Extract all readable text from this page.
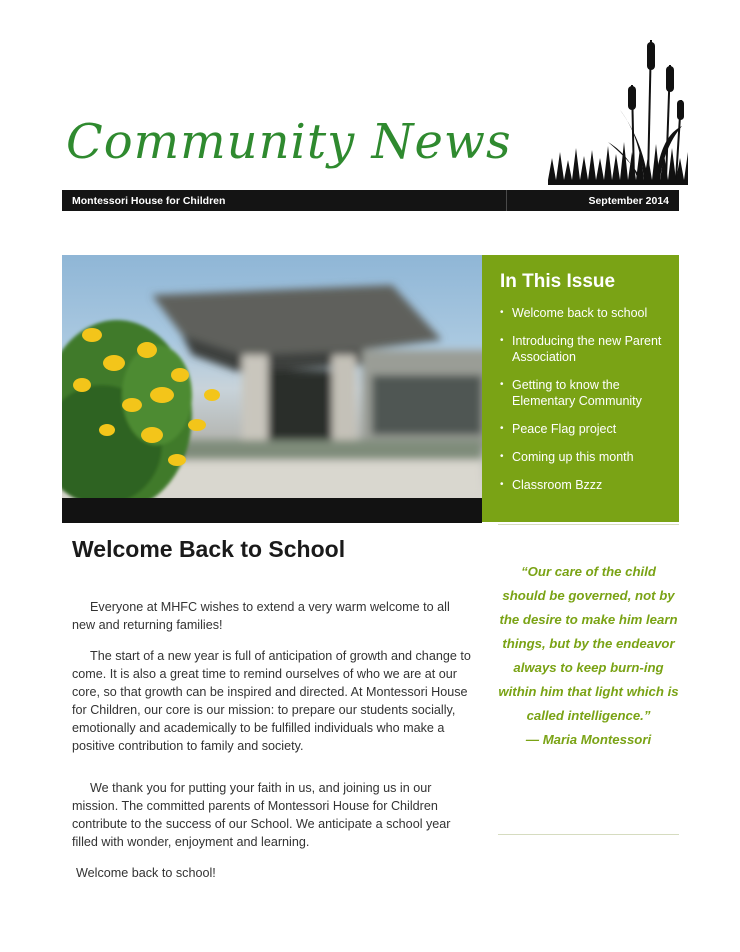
Community News
Montessori House for Children	September 2014
In This Issue
• Welcome back to school
• Introducing the new Parent Association
• Getting to know the Elementary Community
• Peace Flag project
• Coming up this month
• Classroom Bzzz
Welcome Back to School

Everyone at MHFC wishes to extend a very warm welcome to all new and returning families!

The start of a new year is full of anticipation of growth and change to come. It is also a great time to remind ourselves of who we are at our core, so that growth can be inspired and directed. At Montessori House for Children, our core is our mission: to prepare our students socially, emotionally and academically to be fulfilled individuals who make a positive contribution to family and society.

We thank you for putting your faith in us, and joining us in our mission. The committed parents of Montessori House for Children contribute to the success of our School. We anticipate a school year filled with wonder, enjoyment and learning.

Welcome back to school!

“Our care of the child should be governed, not by the desire to make him learn things, but by the endeavor always to keep burn-ing within him that light which is called intelligence.”
— Maria Montessori
